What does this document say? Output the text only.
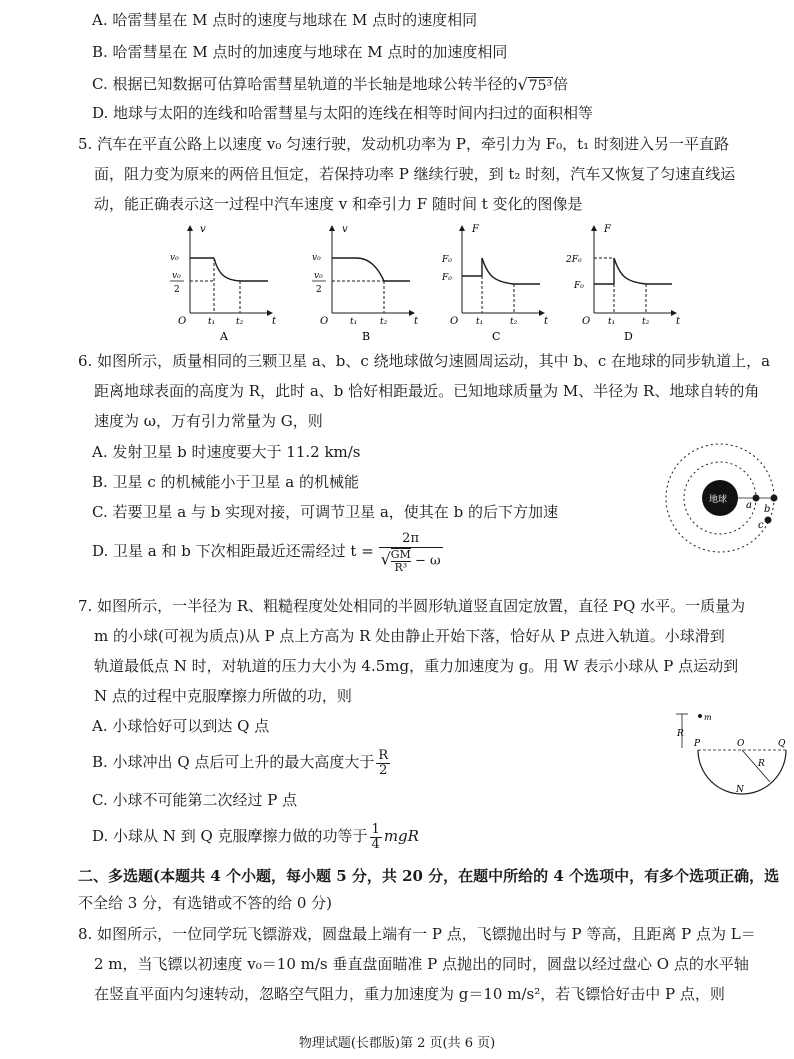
A. 哈雷彗星在 M 点时的速度与地球在 M 点时的速度相同
B. 哈雷彗星在 M 点时的加速度与地球在 M 点时的加速度相同
C. 根据已知数据可估算哈雷彗星轨道的半长轴是地球公转半径的√75³倍
D. 地球与太阳的连线和哈雷彗星与太阳的连线在相等时间内扫过的面积相等
5. 汽车在平直公路上以速度 v₀ 匀速行驶，发动机功率为 P，牵引力为 F₀，t₁ 时刻进入另一平直路
面，阻力变为原来的两倍且恒定，若保持功率 P 继续行驶，到 t₂ 时刻，汽车又恢复了匀速直线运
动，能正确表示这一过程中汽车速度 v 和牵引力 F 随时间 t 变化的图像是
v
v₀
v₀
2
O t₁ t₂	t
A
v
v₀
v₀
2
O t₁	t₂	t
B
F
F₀
F₀
O t₁	t₂	t
C
F
2F₀
F₀
O t₁	t₂	t
D
6. 如图所示，质量相同的三颗卫星 a、b、c 绕地球做匀速圆周运动，其中 b、c 在地球的同步轨道上，a
距离地球表面的高度为 R，此时 a、b 恰好相距最近。已知地球质量为 M、半径为 R、地球自转的角
速度为 ω，万有引力常量为 G，则
A. 发射卫星 b 时速度要大于 11.2 km/s
B. 卫星 c 的机械能小于卫星 a 的机械能
C. 若要卫星 a 与 b 实现对接，可调节卫星 a，使其在 b 的后下方加速
D. 卫星 a 和 b 下次相距最近还需经过 $t = \frac{2\pi}{√ \frac{GM}{\text{R³}} - \omega}$
地球 a b
c
7. 如图所示，一半径为 R、粗糙程度处处相同的半圆形轨道竖直固定放置，直径 PQ 水平。一质量为
m 的小球(可视为质点)从 P 点上方高为 R 处由静止开始下落，恰好从 P 点进入轨道。小球滑到
轨道最低点 N 时，对轨道的压力大小为 4.5mg，重力加速度为 g。用 W 表示小球从 P 点运动到
N 点的过程中克服摩擦力所做的功，则
A. 小球恰好可以到达 Q 点
B. 小球冲出 Q 点后可上升的最大高度大于 $\frac{R}{2}$
C. 小球不可能第二次经过 P 点
D. 小球从 N 到 Q 克服摩擦力做的功等于 $\frac{1}{4}$ mgR
R
m
P	O	Q
R
N
二、多选题(本题共 4 个小题，每小题 5 分，共 20 分，在题中所给的 4 个选项中，有多个选项正确，选
不全给 3 分，有选错或不答的给 0 分)
8. 如图所示，一位同学玩飞镖游戏，圆盘最上端有一 P 点，飞镖抛出时与 P 等高，且距离 P 点为 L＝
2 m，当飞镖以初速度 v₀＝10 m/s 垂直盘面瞄准 P 点抛出的同时，圆盘以经过盘心 O 点的水平轴
在竖直平面内匀速转动，忽略空气阻力，重力加速度为 g＝10 m/s²，若飞镖恰好击中 P 点，则
物理试题(长郡版)第 2 页(共 6 页)
